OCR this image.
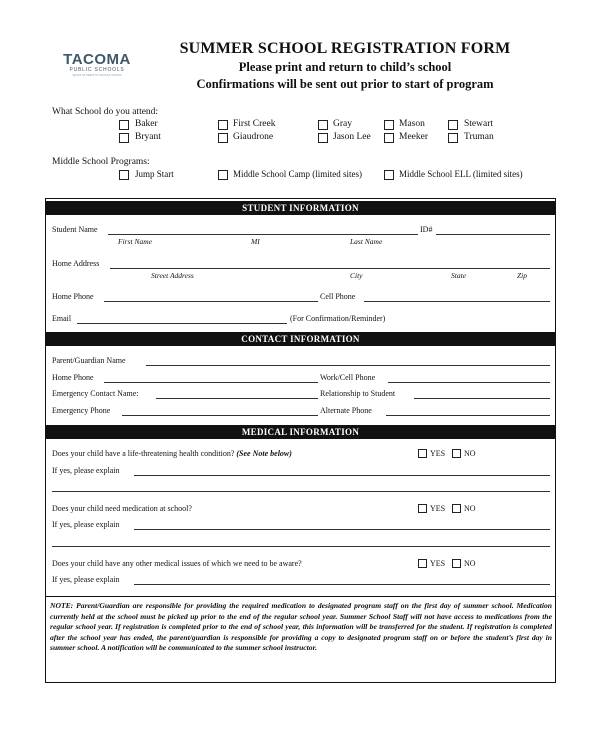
TACOMA
PUBLIC SCHOOLS
WHAT STUDENTS SHOULD KNOW
SUMMER SCHOOL REGISTRATION FORM
Please print and return to child’s school
Confirmations will be sent out prior to start of program
What School do you attend:
Baker	First Creek	Gray	Mason	Stewart
Bryant	Giaudrone	Jason Lee	Meeker	Truman
Middle School Programs:
Jump Start	Middle School Camp (limited sites)	Middle School ELL (limited sites)
STUDENT INFORMATION
Student Name	ID#
First Name	MI	Last Name
Home Address
Street Address	City	State	Zip
Home Phone	Cell Phone
Email	(For Confirmation/Reminder)
CONTACT INFORMATION
Parent/Guardian Name
Home Phone	Work/Cell Phone
Emergency Contact Name:	Relationship to Student
Emergency Phone	Alternate Phone
MEDICAL INFORMATION
Does your child have a life-threatening health condition? (See Note below)	YES NO
If yes, please explain
Does your child need medication at school?	YES NO
If yes, please explain
Does your child have any other medical issues of which we need to be aware?	YES NO
If yes, please explain
NOTE: Parent/Guardian are responsible for providing the required medication to designated program staff on the first day of summer school. Medication currently held at the school must be picked up prior to the end of the regular school year. Summer School Staff will not have access to medications from the regular school year. If registration is completed prior to the end of school year, this information will be transferred for the student. If registration is completed after the school year has ended, the parent/guardian is responsible for providing a copy to designated program staff on or before the student’s first day in summer school. A notification will be communicated to the summer school instructor.
